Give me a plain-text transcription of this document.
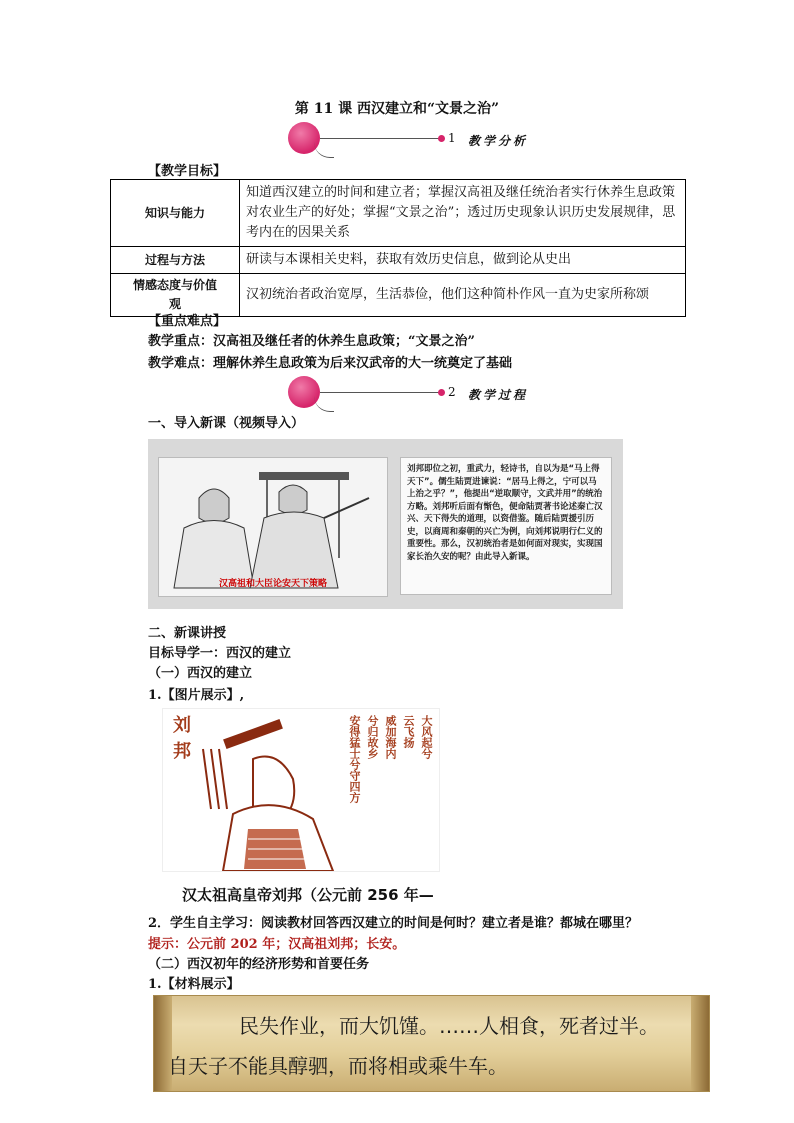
第 11 课 西汉建立和“文景之治”
1 教学分析
【教学目标】
知识与能力	知道西汉建立的时间和建立者；掌握汉高祖及继任统治者实行休养生息政策对农业生产的好处；掌握“文景之治”；透过历史现象认识历史发展规律，思考内在的因果关系
过程与方法	研读与本课相关史料，获取有效历史信息，做到论从史出
情感态度与价值观	汉初统治者政治宽厚，生活恭俭，他们这种简朴作风一直为史家所称颂
【重点难点】
教学重点：汉高祖及继任者的休养生息政策；“文景之治”
教学难点：理解休养生息政策为后来汉武帝的大一统奠定了基础
2 教学过程
一、导入新课（视频导入）
汉高祖和大臣论安天下策略
刘邦即位之初，重武力，轻诗书，自以为是“马上得天下”。儒生陆贾进谏说：“居马上得之，宁可以马上治之乎？”，他提出“逆取顺守，文武并用”的统治方略。刘邦听后面有惭色，便命陆贾著书论述秦亡汉兴、天下得失的道理，以资借鉴。随后陆贾援引历史，以商周和秦朝的兴亡为例，向刘邦说明行仁义的重要性。那么，汉初统治者是如何面对现实，实现国家长治久安的呢？由此导入新课。
二、新课讲授
目标导学一：西汉的建立
（一）西汉的建立
1.【图片展示】,
刘
邦	大风起兮
云飞扬
威加海内
兮归故乡
安得猛士兮守四方
汉太祖高皇帝刘邦（公元前 256 年—
2．学生自主学习：阅读教材回答西汉建立的时间是何时？建立者是谁？都城在哪里？
提示：公元前 202 年；汉高祖刘邦；长安。
（二）西汉初年的经济形势和首要任务
1.【材料展示】
民失作业，而大饥馑。……人相食，死者过半。
自天子不能具醇驷，而将相或乘牛车。
